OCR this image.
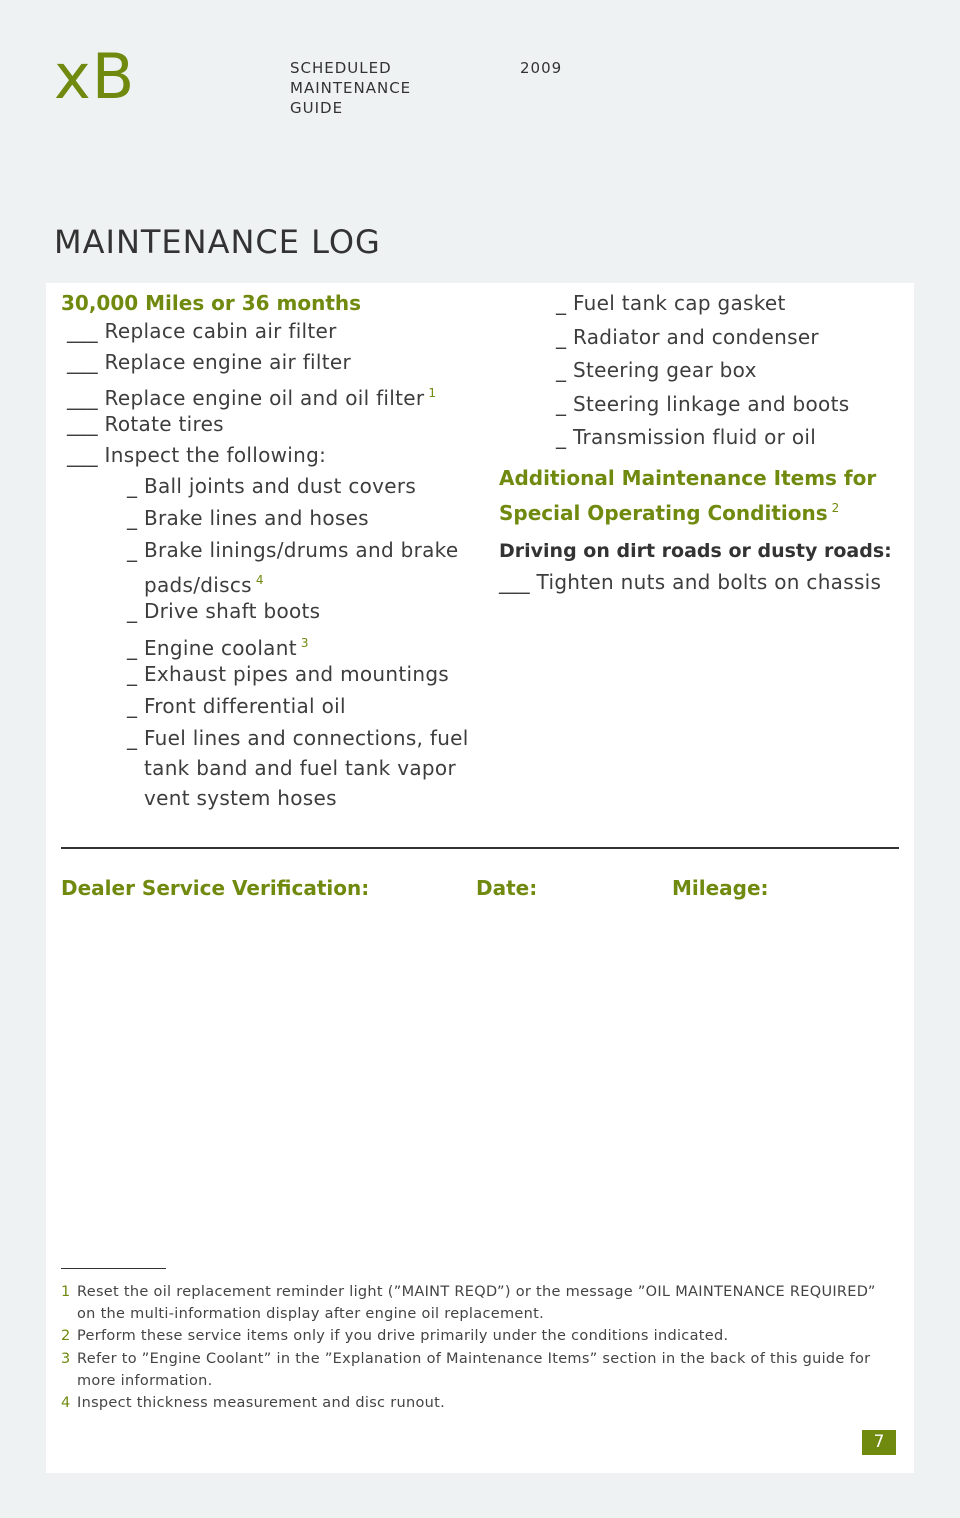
xB	SCHEDULED
MAINTENANCE
GUIDE
2009
MAINTENANCE LOG
30,000 Miles or 36 months
___ Replace cabin air filter
___ Replace engine air filter
___ Replace engine oil and oil filter $^1$
___ Rotate tires
___ Inspect the following:
_ Ball joints and dust covers
_ Brake lines and hoses
_ Brake linings/drums and brake
pads/discs $^4$
_ Drive shaft boots
_ Engine coolant $^3$
_ Exhaust pipes and mountings
_ Front differential oil
_ Fuel lines and connections, fuel
tank band and fuel tank vapor
vent system hoses
_ Fuel tank cap gasket
_ Radiator and condenser
_ Steering gear box
_ Steering linkage and boots
_ Transmission fluid or oil
Additional Maintenance Items for
Special Operating Conditions $^2$
Driving on dirt roads or dusty roads:
___ Tighten nuts and bolts on chassis
Dealer Service Verification:	Date:	Mileage:
1 Reset the oil replacement reminder light (”MAINT REQD”) or the message ”OIL MAINTENANCE REQUIRED”
on the multi-information display after engine oil replacement.
2 Perform these service items only if you drive primarily under the conditions indicated.
3 Refer to ”Engine Coolant” in the ”Explanation of Maintenance Items” section in the back of this guide for
more information.
4 Inspect thickness measurement and disc runout.
7
